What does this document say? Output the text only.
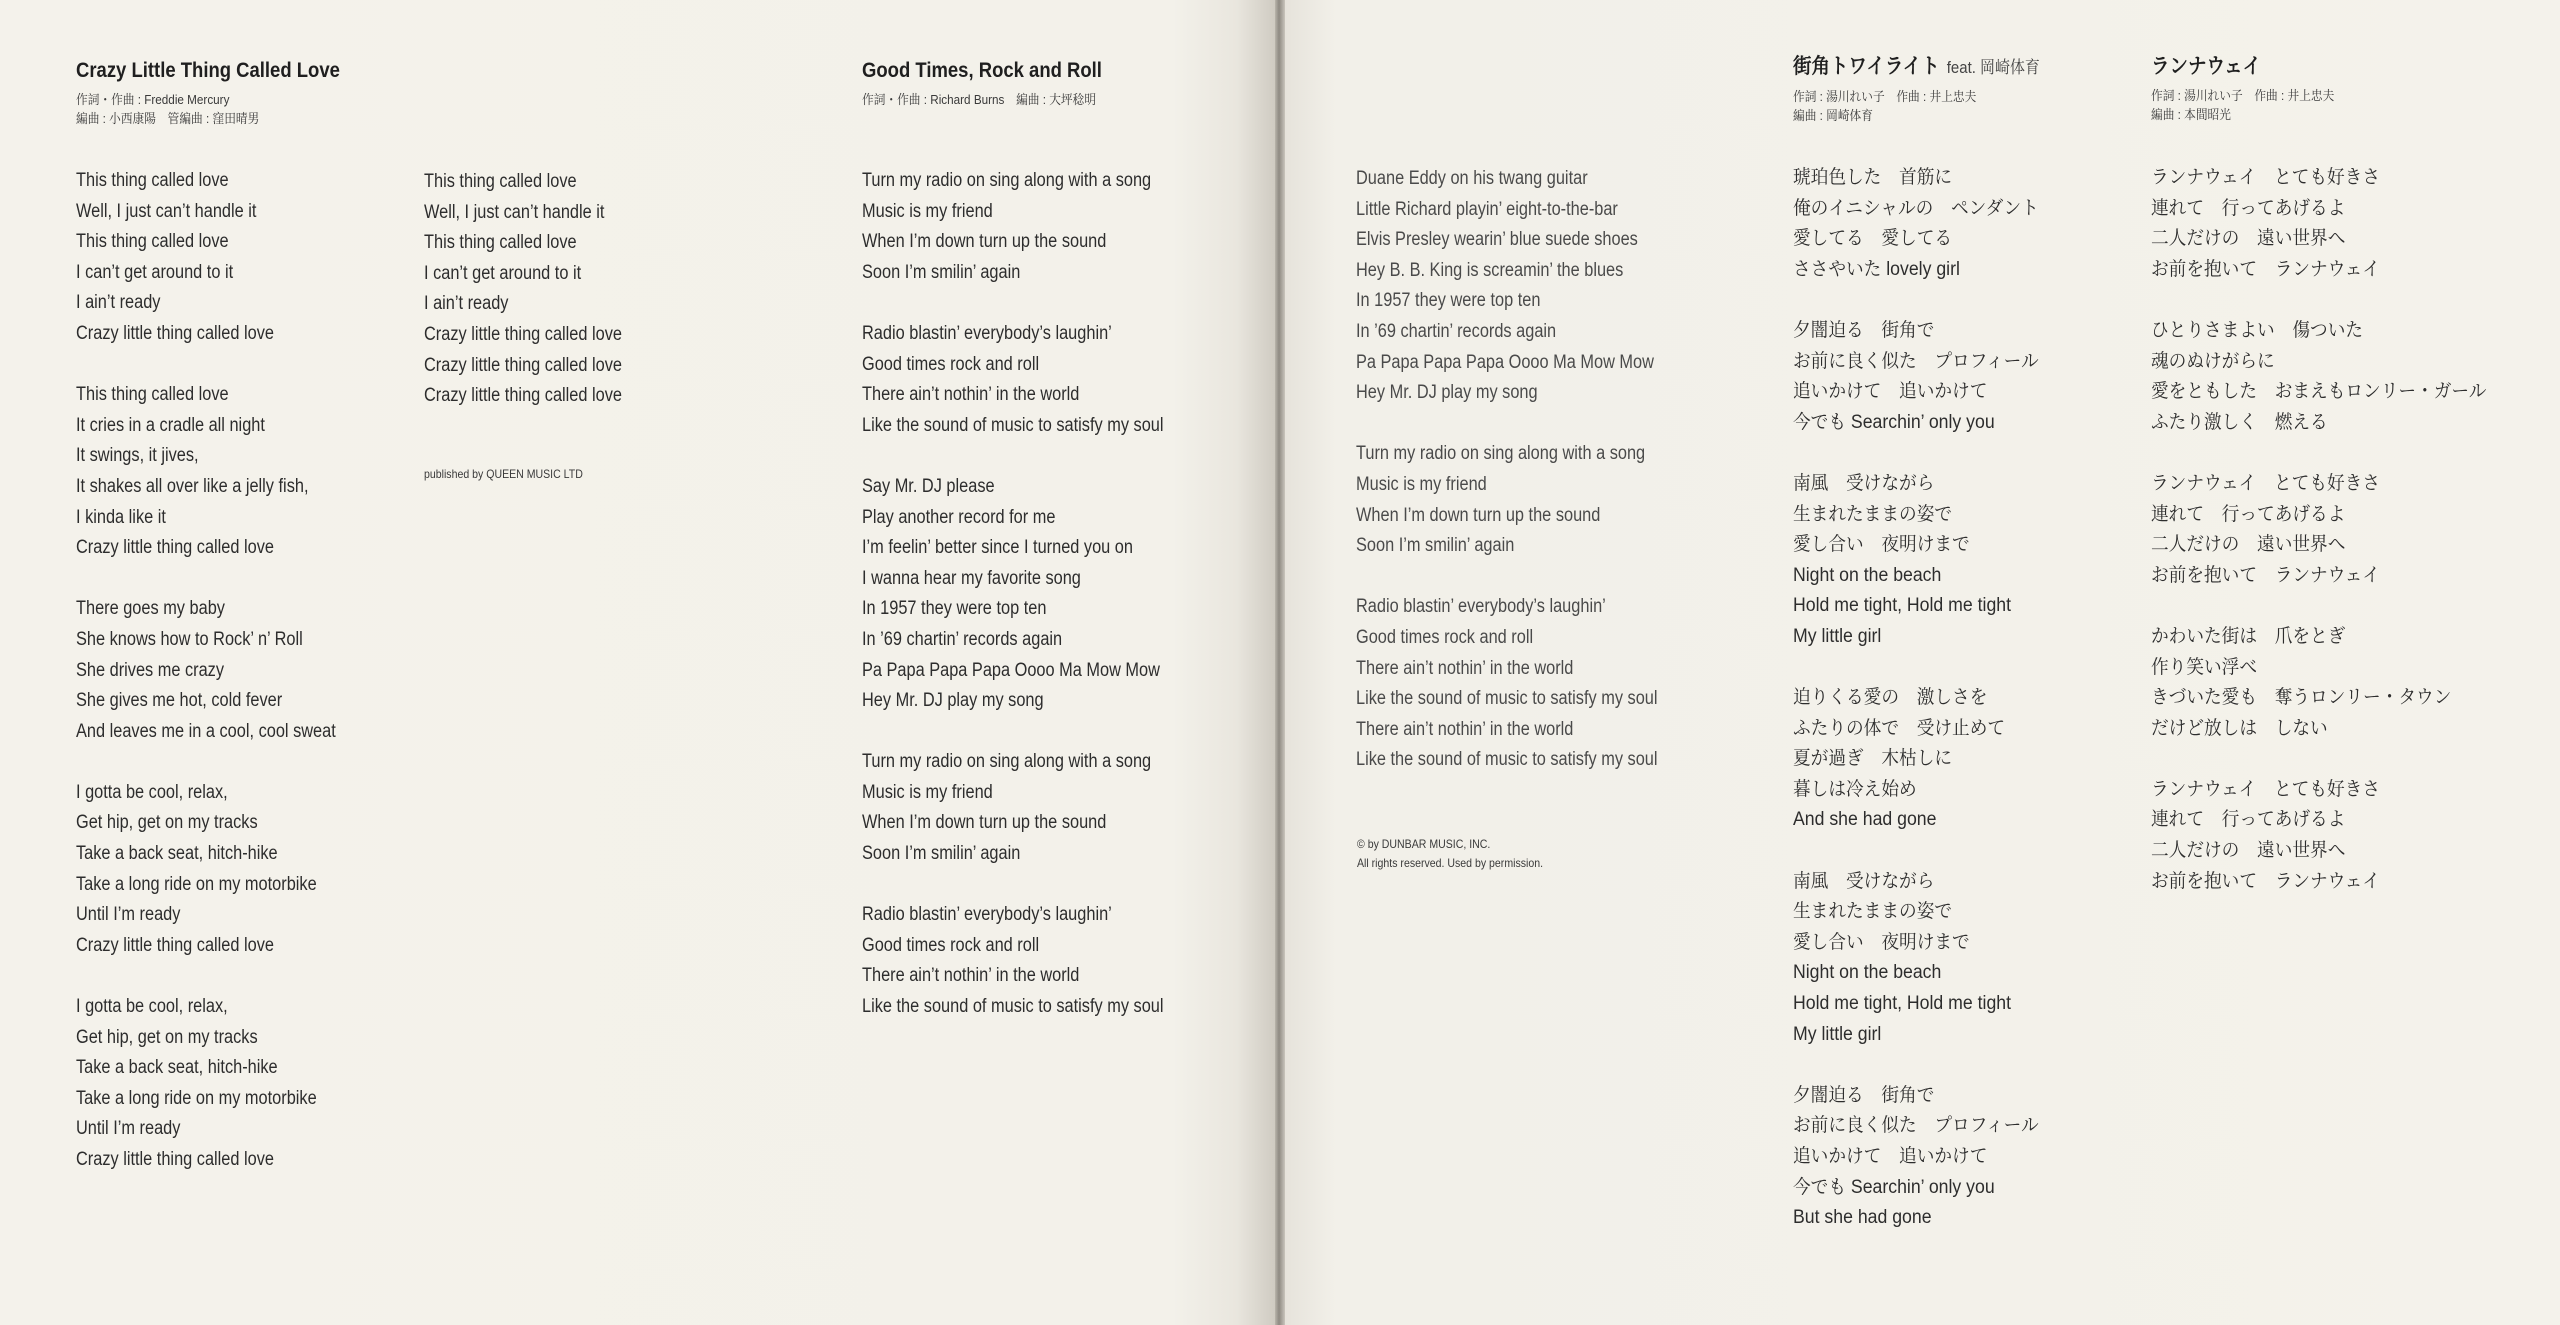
Crazy Little Thing Called Love
作詞・作曲 : Freddie Mercury
編曲 : 小西康陽　管編曲 : 窪田晴男
This thing called love
Well, I just can’t handle it
This thing called love
I can’t get around to it
I ain’t ready
Crazy little thing called love
This thing called love
It cries in a cradle all night
It swings, it jives,
It shakes all over like a jelly fish,
I kinda like it
Crazy little thing called love
There goes my baby
She knows how to Rock’ n’ Roll
She drives me crazy
She gives me hot, cold fever
And leaves me in a cool, cool sweat
I gotta be cool, relax,
Get hip, get on my tracks
Take a back seat, hitch-hike
Take a long ride on my motorbike
Until I’m ready
Crazy little thing called love
I gotta be cool, relax,
Get hip, get on my tracks
Take a back seat, hitch-hike
Take a long ride on my motorbike
Until I’m ready
Crazy little thing called love
This thing called love
Well, I just can’t handle it
This thing called love
I can’t get around to it
I ain’t ready
Crazy little thing called love
Crazy little thing called love
Crazy little thing called love
published by QUEEN MUSIC LTD
Good Times, Rock and Roll
作詞・作曲 : Richard Burns　編曲 : 大坪稔明
Turn my radio on sing along with a song
Music is my friend
When I’m down turn up the sound
Soon I’m smilin’ again
Radio blastin’ everybody’s laughin’
Good times rock and roll
There ain’t nothin’ in the world
Like the sound of music to satisfy my soul
Say Mr. DJ please
Play another record for me
I’m feelin’ better since I turned you on
I wanna hear my favorite song
In 1957 they were top ten
In ’69 chartin’ records again
Pa Papa Papa Papa Oooo Ma Mow Mow
Hey Mr. DJ play my song
Turn my radio on sing along with a song
Music is my friend
When I’m down turn up the sound
Soon I’m smilin’ again
Radio blastin’ everybody’s laughin’
Good times rock and roll
There ain’t nothin’ in the world
Like the sound of music to satisfy my soul
Duane Eddy on his twang guitar
Little Richard playin’ eight-to-the-bar
Elvis Presley wearin’ blue suede shoes
Hey B. B. King is screamin’ the blues
In 1957 they were top ten
In ’69 chartin’ records again
Pa Papa Papa Papa Oooo Ma Mow Mow
Hey Mr. DJ play my song
Turn my radio on sing along with a song
Music is my friend
When I’m down turn up the sound
Soon I’m smilin’ again
Radio blastin’ everybody’s laughin’
Good times rock and roll
There ain’t nothin’ in the world
Like the sound of music to satisfy my soul
There ain’t nothin’ in the world
Like the sound of music to satisfy my soul
© by DUNBAR MUSIC, INC.
All rights reserved. Used by permission.
街角トワイライト feat. 岡崎体育
作詞 : 湯川れい子　作曲 : 井上忠夫
編曲 : 岡崎体育
琥珀色した　首筋に
俺のイニシャルの　ペンダント
愛してる　愛してる
ささやいた lovely girl
夕闇迫る　街角で
お前に良く似た　プロフィール
追いかけて　追いかけて
今でも Searchin’ only you
南風　受けながら
生まれたままの姿で
愛し合い　夜明けまで
Night on the beach
Hold me tight, Hold me tight
My little girl
迫りくる愛の　激しさを
ふたりの体で　受け止めて
夏が過ぎ　木枯しに
暮しは冷え始め
And she had gone
南風　受けながら
生まれたままの姿で
愛し合い　夜明けまで
Night on the beach
Hold me tight, Hold me tight
My little girl
夕闇迫る　街角で
お前に良く似た　プロフィール
追いかけて　追いかけて
今でも Searchin’ only you
But she had gone
ランナウェイ
作詞 : 湯川れい子　作曲 : 井上忠夫
編曲 : 本間昭光
ランナウェイ　とても好きさ
連れて　行ってあげるよ
二人だけの　遠い世界へ
お前を抱いて　ランナウェイ
ひとりさまよい　傷ついた
魂のぬけがらに
愛をともした　おまえもロンリー・ガール
ふたり激しく　燃える
ランナウェイ　とても好きさ
連れて　行ってあげるよ
二人だけの　遠い世界へ
お前を抱いて　ランナウェイ
かわいた街は　爪をとぎ
作り笑い浮べ
きづいた愛も　奪うロンリー・タウン
だけど放しは　しない
ランナウェイ　とても好きさ
連れて　行ってあげるよ
二人だけの　遠い世界へ
お前を抱いて　ランナウェイ
